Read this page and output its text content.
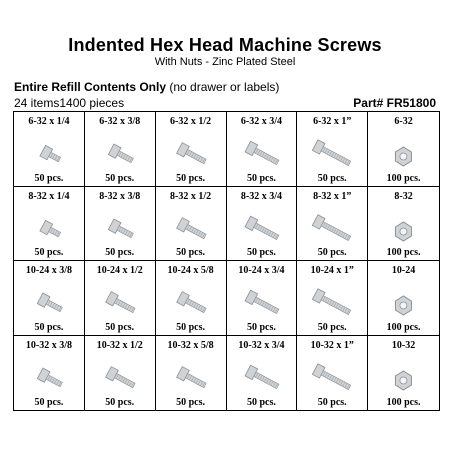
Indented Hex Head Machine Screws
With Nuts - Zinc Plated Steel
Entire Refill Contents Only (no drawer or labels)
24 items1400 pieces	Part# FR51800
6-32 x 1/4
50 pcs.
6-32 x 3/8
50 pcs.
6-32 x 1/2
50 pcs.
6-32 x 3/4
50 pcs.
6-32 x 1”
50 pcs.
6-32
100 pcs.
8-32 x 1/4
50 pcs.
8-32 x 3/8
50 pcs.
8-32 x 1/2
50 pcs.
8-32 x 3/4
50 pcs.
8-32 x 1”
50 pcs.
8-32
100 pcs.
10-24 x 3/8
50 pcs.
10-24 x 1/2
50 pcs.
10-24 x 5/8
50 pcs.
10-24 x 3/4
50 pcs.
10-24 x 1”
50 pcs.
10-24
100 pcs.
10-32 x 3/8
50 pcs.
10-32 x 1/2
50 pcs.
10-32 x 5/8
50 pcs.
10-32 x 3/4
50 pcs.
10-32 x 1”
50 pcs.
10-32
100 pcs.
